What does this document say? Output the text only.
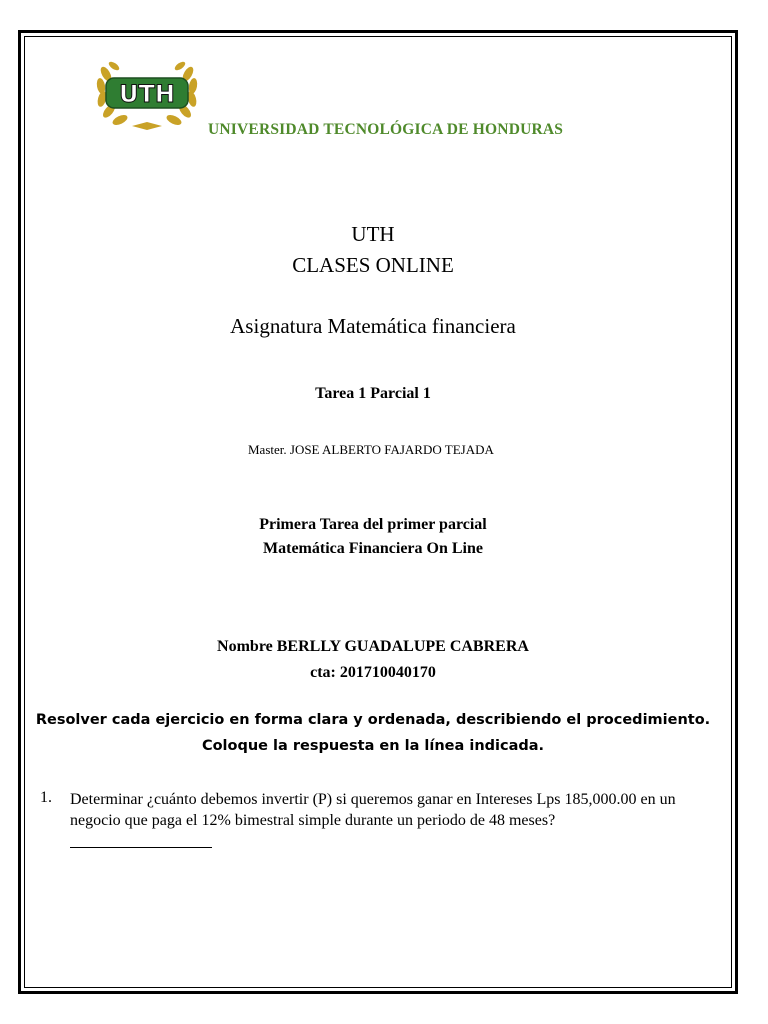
UTH
UNIVERSIDAD TECNOLÓGICA DE HONDURAS
UTH
CLASES ONLINE
Asignatura Matemática financiera
Tarea 1 Parcial 1
Master. JOSE ALBERTO FAJARDO TEJADA
Primera Tarea del primer parcial
Matemática Financiera On Line
Nombre BERLLY GUADALUPE CABRERA
cta: 201710040170
Resolver cada ejercicio en forma clara y ordenada, describiendo el procedimiento.
Coloque la respuesta en la línea indicada.
1. Determinar ¿cuánto debemos invertir (P) si queremos ganar en Intereses Lps 185,000.00 en un negocio que paga el 12% bimestral simple durante un periodo de 48 meses?
